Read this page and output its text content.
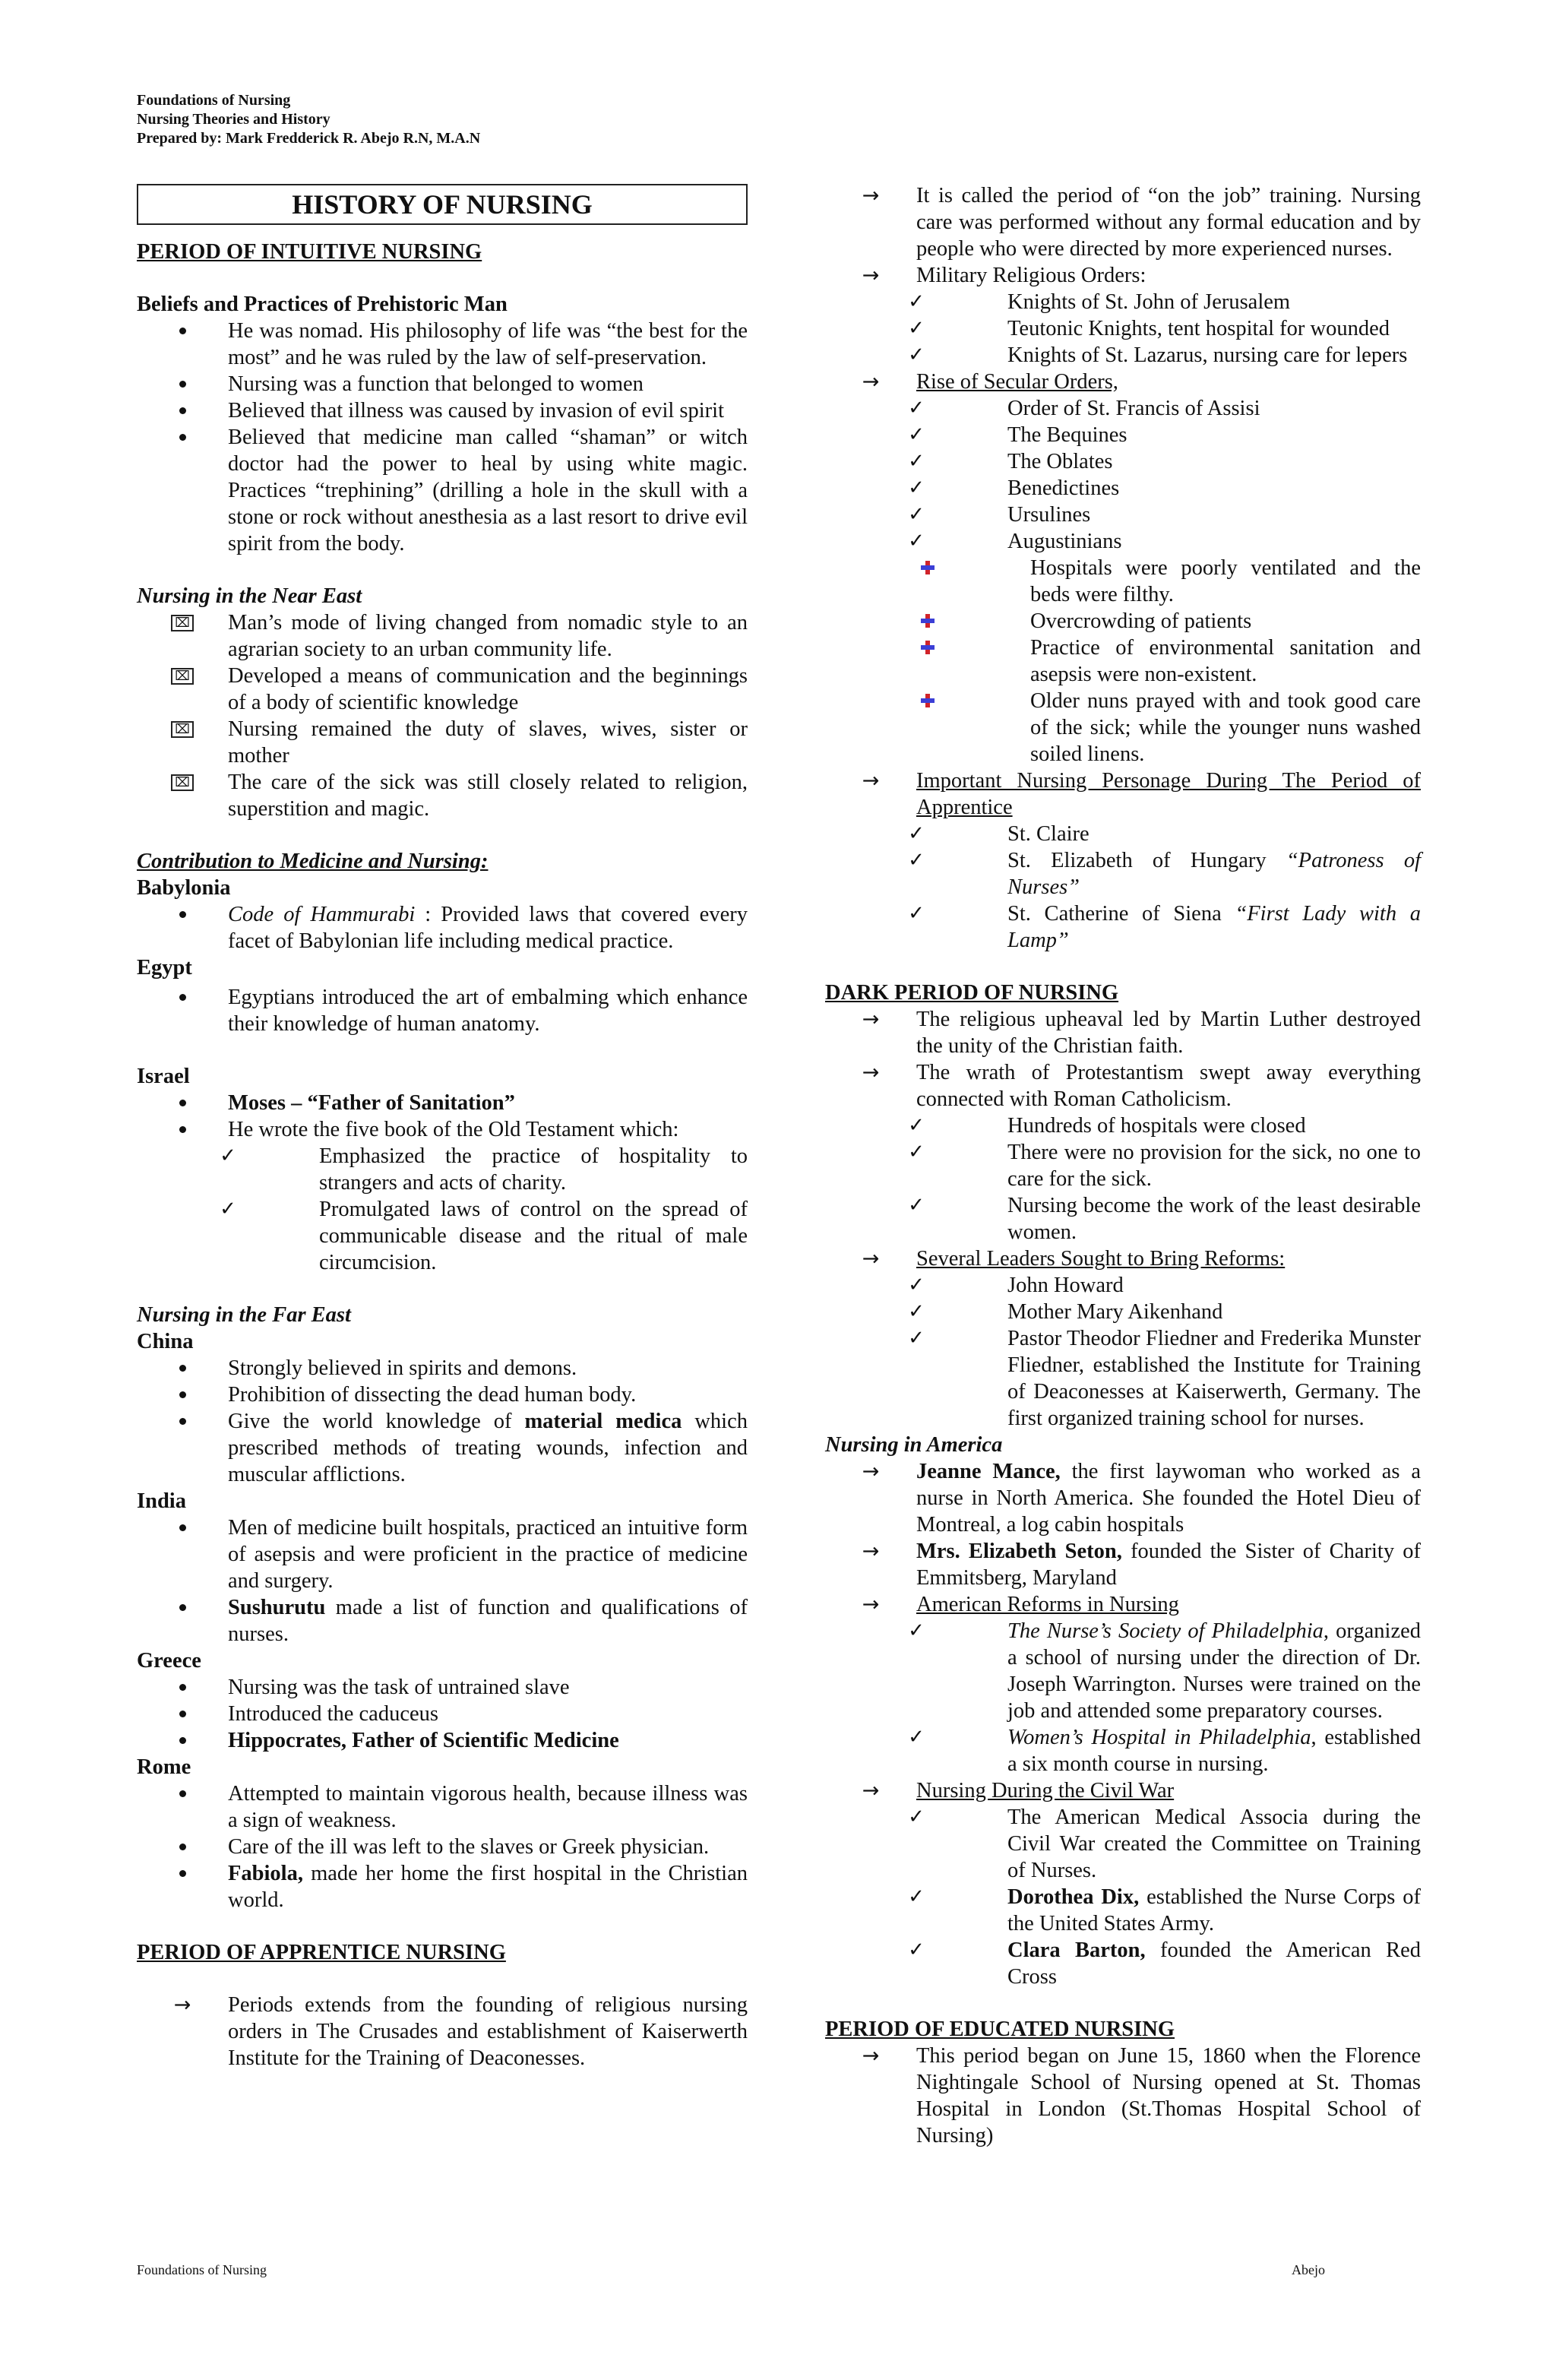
Foundations of Nursing
Nursing Theories and History
Prepared by: Mark Fredderick R. Abejo R.N, M.A.N
HISTORY OF NURSING
PERIOD OF INTUITIVE NURSING
Beliefs and Practices of Prehistoric Man
He was nomad. His philosophy of life was “the best for the most” and he was ruled by the law of self-preservation.
Nursing was a function that belonged to women
Believed that illness was caused by invasion of evil spirit
Believed that medicine man called “shaman” or witch doctor had the power to heal by using white magic. Practices “trephining” (drilling a hole in the skull with a stone or rock without anesthesia as a last resort to drive evil spirit from the body.
Nursing in the Near East
⌧ Man’s mode of living changed from nomadic style to an agrarian society to an urban community life.
⌧ Developed a means of communication and the beginnings of a body of scientific knowledge
⌧ Nursing remained the duty of slaves, wives, sister or mother
⌧ The care of the sick was still closely related to religion, superstition and magic.
Contribution to Medicine and Nursing:
Babylonia
Code of Hammurabi : Provided laws that covered every facet of Babylonian life including medical practice.
Egypt
Egyptians introduced the art of embalming which enhance their knowledge of human anatomy.
Israel
Moses – “Father of Sanitation”
He wrote the five book of the Old Testament which:
✓	Emphasized the practice of hospitality to strangers and acts of charity.
✓	Promulgated laws of control on the spread of communicable disease and the ritual of male circumcision.
Nursing in the Far East
China
Strongly believed in spirits and demons.
Prohibition of dissecting the dead human body.
Give the world knowledge of material medica which prescribed methods of treating wounds, infection and muscular afflictions.
India
Men of medicine built hospitals, practiced an intuitive form of asepsis and were proficient in the practice of medicine and surgery.
Sushurutu made a list of function and qualifications of nurses.
Greece
Nursing was the task of untrained slave
Introduced the caduceus
Hippocrates, Father of Scientific Medicine
Rome
Attempted to maintain vigorous health, because illness was a sign of weakness.
Care of the ill was left to the slaves or Greek physician.
Fabiola, made her home the first hospital in the Christian world.
PERIOD OF APPRENTICE NURSING
→ Periods extends from the founding of religious nursing orders in The Crusades and establishment of Kaiserwerth Institute for the Training of Deaconesses.
→ It is called the period of “on the job” training. Nursing care was performed without any formal education and by people who were directed by more experienced nurses.
→ Military Religious Orders:
✓	Knights of St. John of Jerusalem
✓	Teutonic Knights, tent hospital for wounded
✓	Knights of St. Lazarus, nursing care for lepers
→ Rise of Secular Orders,
✓	Order of St. Francis of Assisi
✓	The Bequines
✓	The Oblates
✓	Benedictines
✓	Ursulines
✓	Augustinians
Hospitals were poorly ventilated and the beds were filthy.
Overcrowding of patients
Practice of environmental sanitation and asepsis were non-existent.
Older nuns prayed with and took good care of the sick; while the younger nuns washed soiled linens.
→ Important Nursing Personage During The Period of Apprentice
✓	St. Claire
✓	St. Elizabeth of Hungary “Patroness of Nurses”
✓	St. Catherine of Siena “First Lady with a Lamp”
DARK PERIOD OF NURSING
→ The religious upheaval led by Martin Luther destroyed the unity of the Christian faith.
→ The wrath of Protestantism swept away everything connected with Roman Catholicism.
✓	Hundreds of hospitals were closed
✓	There were no provision for the sick, no one to care for the sick.
✓	Nursing become the work of the least desirable women.
→ Several Leaders Sought to Bring Reforms:
✓	John Howard
✓	Mother Mary Aikenhand
✓	Pastor Theodor Fliedner and Frederika Munster Fliedner, established the Institute for Training of Deaconesses at Kaiserwerth, Germany. The first organized training school for nurses.
Nursing in America
→ Jeanne Mance, the first laywoman who worked as a nurse in North America. She founded the Hotel Dieu of Montreal, a log cabin hospitals
→ Mrs. Elizabeth Seton, founded the Sister of Charity of Emmitsberg, Maryland
→ American Reforms in Nursing
✓	The Nurse’s Society of Philadelphia, organized a school of nursing under the direction of Dr. Joseph Warrington. Nurses were trained on the job and attended some preparatory courses.
✓	Women’s Hospital in Philadelphia, established a six month course in nursing.
→ Nursing During the Civil War
✓	The American Medical Associa during the Civil War created the Committee on Training of Nurses.
✓	Dorothea Dix, established the Nurse Corps of the United States Army.
✓	Clara Barton, founded the American Red Cross
PERIOD OF EDUCATED NURSING
→ This period began on June 15, 1860 when the Florence Nightingale School of Nursing opened at St. Thomas Hospital in London (St.Thomas Hospital School of Nursing)
Foundations of Nursing	Abejo
